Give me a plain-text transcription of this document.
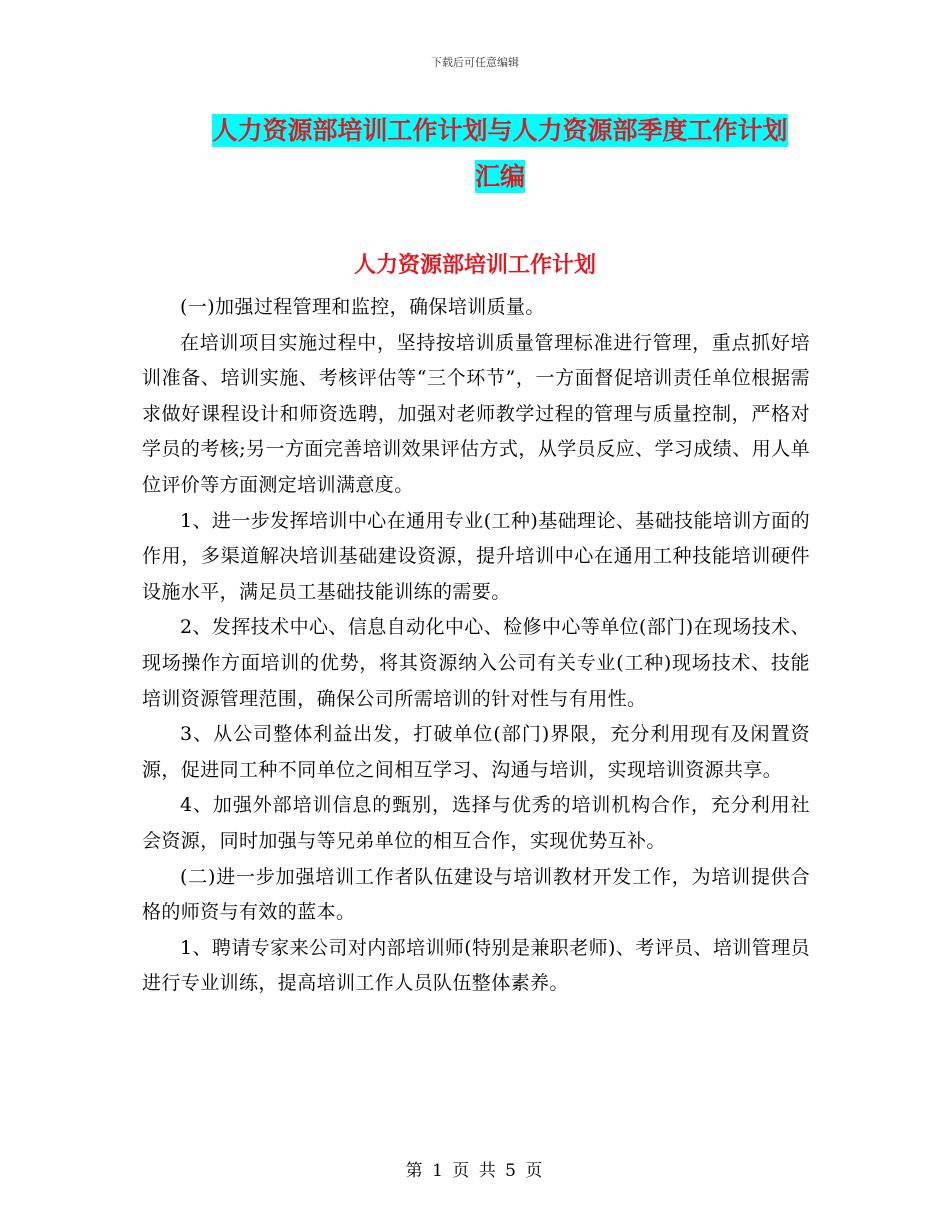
下载后可任意编辑
人力资源部培训工作计划与人力资源部季度工作计划
汇编
人力资源部培训工作计划

(一)加强过程管理和监控，确保培训质量。

在培训项目实施过程中，坚持按培训质量管理标准进行管理，重点抓好培训准备、培训实施、考核评估等“三个环节”，一方面督促培训责任单位根据需求做好课程设计和师资选聘，加强对老师教学过程的管理与质量控制，严格对学员的考核;另一方面完善培训效果评估方式，从学员反应、学习成绩、用人单位评价等方面测定培训满意度。

1、进一步发挥培训中心在通用专业(工种)基础理论、基础技能培训方面的作用，多渠道解决培训基础建设资源，提升培训中心在通用工种技能培训硬件设施水平，满足员工基础技能训练的需要。

2、发挥技术中心、信息自动化中心、检修中心等单位(部门)在现场技术、现场操作方面培训的优势，将其资源纳入公司有关专业(工种)现场技术、技能培训资源管理范围，确保公司所需培训的针对性与有用性。

3、从公司整体利益出发，打破单位(部门)界限，充分利用现有及闲置资源，促进同工种不同单位之间相互学习、沟通与培训，实现培训资源共享。

4、加强外部培训信息的甄别，选择与优秀的培训机构合作，充分利用社会资源，同时加强与等兄弟单位的相互合作，实现优势互补。

(二)进一步加强培训工作者队伍建设与培训教材开发工作，为培训提供合格的师资与有效的蓝本。

1、聘请专家来公司对内部培训师(特别是兼职老师)、考评员、培训管理员进行专业训练，提高培训工作人员队伍整体素养。

第 1 页 共 5 页
